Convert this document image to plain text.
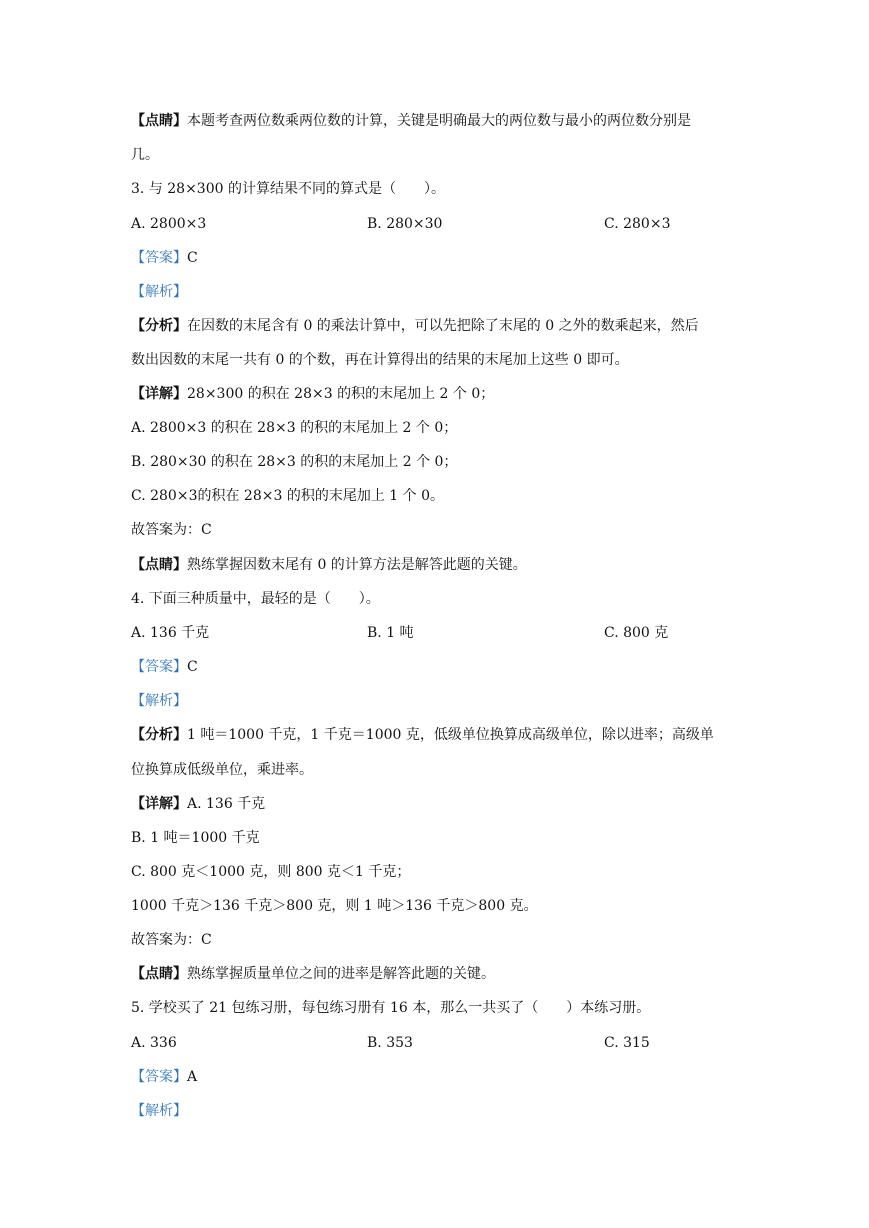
【点睛】本题考查两位数乘两位数的计算，关键是明确最大的两位数与最小的两位数分别是
几。
3. 与 28×300 的计算结果不同的算式是（　　）。
A. 2800×3	B. 280×30	C. 280×3
【答案】C
【解析】
【分析】在因数的末尾含有 0 的乘法计算中，可以先把除了末尾的 0 之外的数乘起来，然后
数出因数的末尾一共有 0 的个数，再在计算得出的结果的末尾加上这些 0 即可。
【详解】28×300 的积在 28×3 的积的末尾加上 2 个 0；
A. 2800×3 的积在 28×3 的积的末尾加上 2 个 0；
B. 280×30 的积在 28×3 的积的末尾加上 2 个 0；
C. 280×3的积在 28×3 的积的末尾加上 1 个 0。
故答案为：C
【点睛】熟练掌握因数末尾有 0 的计算方法是解答此题的关键。
4. 下面三种质量中，最轻的是（　　）。
A. 136 千克	B. 1 吨	C. 800 克
【答案】C
【解析】
【分析】1 吨＝1000 千克，1 千克＝1000 克，低级单位换算成高级单位，除以进率；高级单
位换算成低级单位，乘进率。
【详解】A. 136 千克
B. 1 吨＝1000 千克
C. 800 克＜1000 克，则 800 克＜1 千克；
1000 千克＞136 千克＞800 克，则 1 吨＞136 千克＞800 克。
故答案为：C
【点睛】熟练掌握质量单位之间的进率是解答此题的关键。
5. 学校买了 21 包练习册，每包练习册有 16 本，那么一共买了（　　）本练习册。
A. 336	B. 353	C. 315
【答案】A
【解析】
